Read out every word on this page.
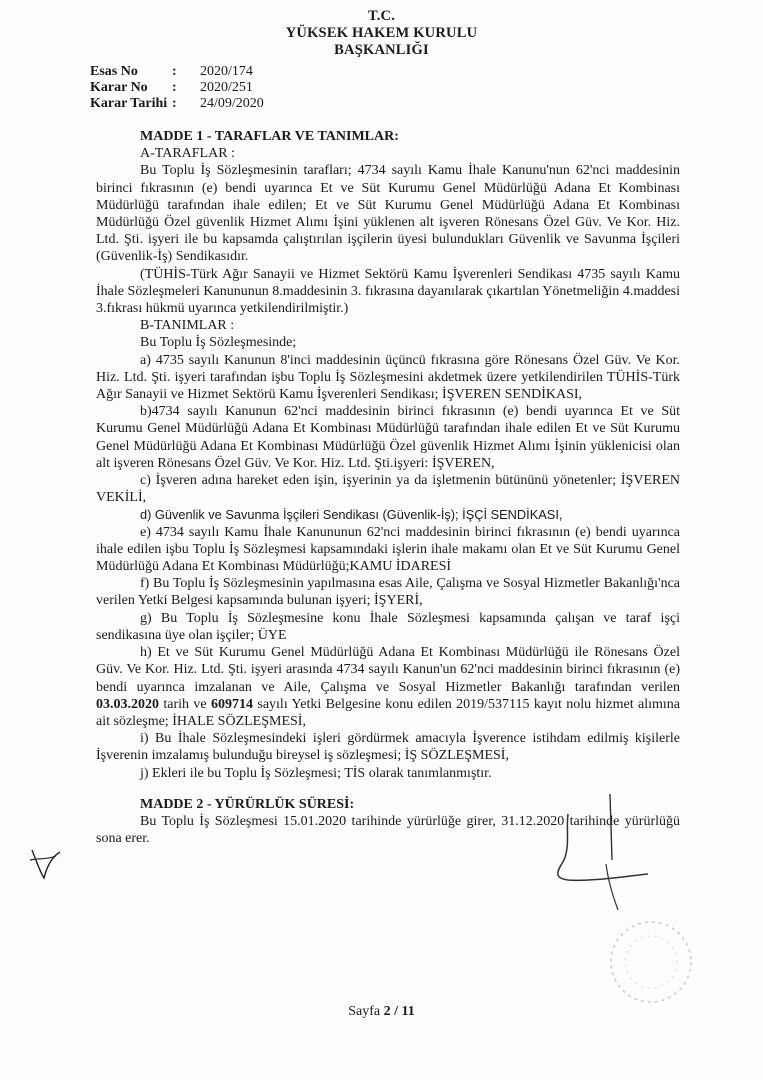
T.C.
YÜKSEK HAKEM KURULU
BAŞKANLIĞI
Esas No	:	2020/174
Karar No	:	2020/251
Karar Tarihi :	24/09/2020
MADDE 1 - TARAFLAR VE TANIMLAR:
A-TARAFLAR :

Bu Toplu İş Sözleşmesinin tarafları; 4734 sayılı Kamu İhale Kanunu'nun 62'nci maddesinin birinci fıkrasının (e) bendi uyarınca Et ve Süt Kurumu Genel Müdürlüğü Adana Et Kombinası Müdürlüğü tarafından ihale edilen; Et ve Süt Kurumu Genel Müdürlüğü Adana Et Kombinası Müdürlüğü Özel güvenlik Hizmet Alımı İşini yüklenen alt işveren Rönesans Özel Güv. Ve Kor. Hiz. Ltd. Şti. işyeri ile bu kapsamda çalıştırılan işçilerin üyesi bulundukları Güvenlik ve Savunma İşçileri (Güvenlik-İş) Sendikasıdır.

(TÜHİS-Türk Ağır Sanayii ve Hizmet Sektörü Kamu İşverenleri Sendikası 4735 sayılı Kamu İhale Sözleşmeleri Kanununun 8.maddesinin 3. fıkrasına dayanılarak çıkartılan Yönetmeliğin 4.maddesi 3.fıkrası hükmü uyarınca yetkilendirilmiştir.)

B-TANIMLAR :
Bu Toplu İş Sözleşmesinde;

a) 4735 sayılı Kanunun 8'inci maddesinin üçüncü fıkrasına göre Rönesans Özel Güv. Ve Kor. Hiz. Ltd. Şti. işyeri tarafından işbu Toplu İş Sözleşmesini akdetmek üzere yetkilendirilen TÜHİS-Türk Ağır Sanayii ve Hizmet Sektörü Kamu İşverenleri Sendikası; İŞVEREN SENDİKASI,

b)4734 sayılı Kanunun 62'nci maddesinin birinci fıkrasının (e) bendi uyarınca Et ve Süt Kurumu Genel Müdürlüğü Adana Et Kombinası Müdürlüğü tarafından ihale edilen Et ve Süt Kurumu Genel Müdürlüğü Adana Et Kombinası Müdürlüğü Özel güvenlik Hizmet Alımı İşinin yüklenicisi olan alt işveren Rönesans Özel Güv. Ve Kor. Hiz. Ltd. Şti.işyeri: İŞVEREN,

c) İşveren adına hareket eden işin, işyerinin ya da işletmenin bütününü yönetenler; İŞVEREN VEKİLİ,

d) Güvenlik ve Savunma İşçileri Sendikası (Güvenlik-İş); İŞÇİ SENDİKASI,

e) 4734 sayılı Kamu İhale Kanununun 62'nci maddesinin birinci fıkrasının (e) bendi uyarınca ihale edilen işbu Toplu İş Sözleşmesi kapsamındaki işlerin ihale makamı olan Et ve Süt Kurumu Genel Müdürlüğü Adana Et Kombinası Müdürlüğü;KAMU İDARESİ

f) Bu Toplu İş Sözleşmesinin yapılmasına esas Aile, Çalışma ve Sosyal Hizmetler Bakanlığı'nca verilen Yetki Belgesi kapsamında bulunan işyeri; İŞYERİ,

g) Bu Toplu İş Sözleşmesine konu İhale Sözleşmesi kapsamında çalışan ve taraf işçi sendikasına üye olan işçiler; ÜYE

h) Et ve Süt Kurumu Genel Müdürlüğü Adana Et Kombinası Müdürlüğü ile Rönesans Özel Güv. Ve Kor. Hiz. Ltd. Şti. işyeri arasında 4734 sayılı Kanun'un 62'nci maddesinin birinci fıkrasının (e) bendi uyarınca imzalanan ve Aile, Çalışma ve Sosyal Hizmetler Bakanlığı tarafından verilen 03.03.2020 tarih ve 609714 sayılı Yetki Belgesine konu edilen 2019/537115 kayıt nolu hizmet alımına ait sözleşme; İHALE SÖZLEŞMESİ,

i) Bu İhale Sözleşmesindeki işleri gördürmek amacıyla İşverence istihdam edilmiş kişilerle İşverenin imzalamış bulunduğu bireysel iş sözleşmesi; İŞ SÖZLEŞMESİ,

j) Ekleri ile bu Toplu İş Sözleşmesi; TİS olarak tanımlanmıştır.

MADDE 2 - YÜRÜRLÜK SÜRESİ:

Bu Toplu İş Sözleşmesi 15.01.2020 tarihinde yürürlüğe girer, 31.12.2020 tarihinde yürürlüğü sona erer.

Sayfa 2 / 11
